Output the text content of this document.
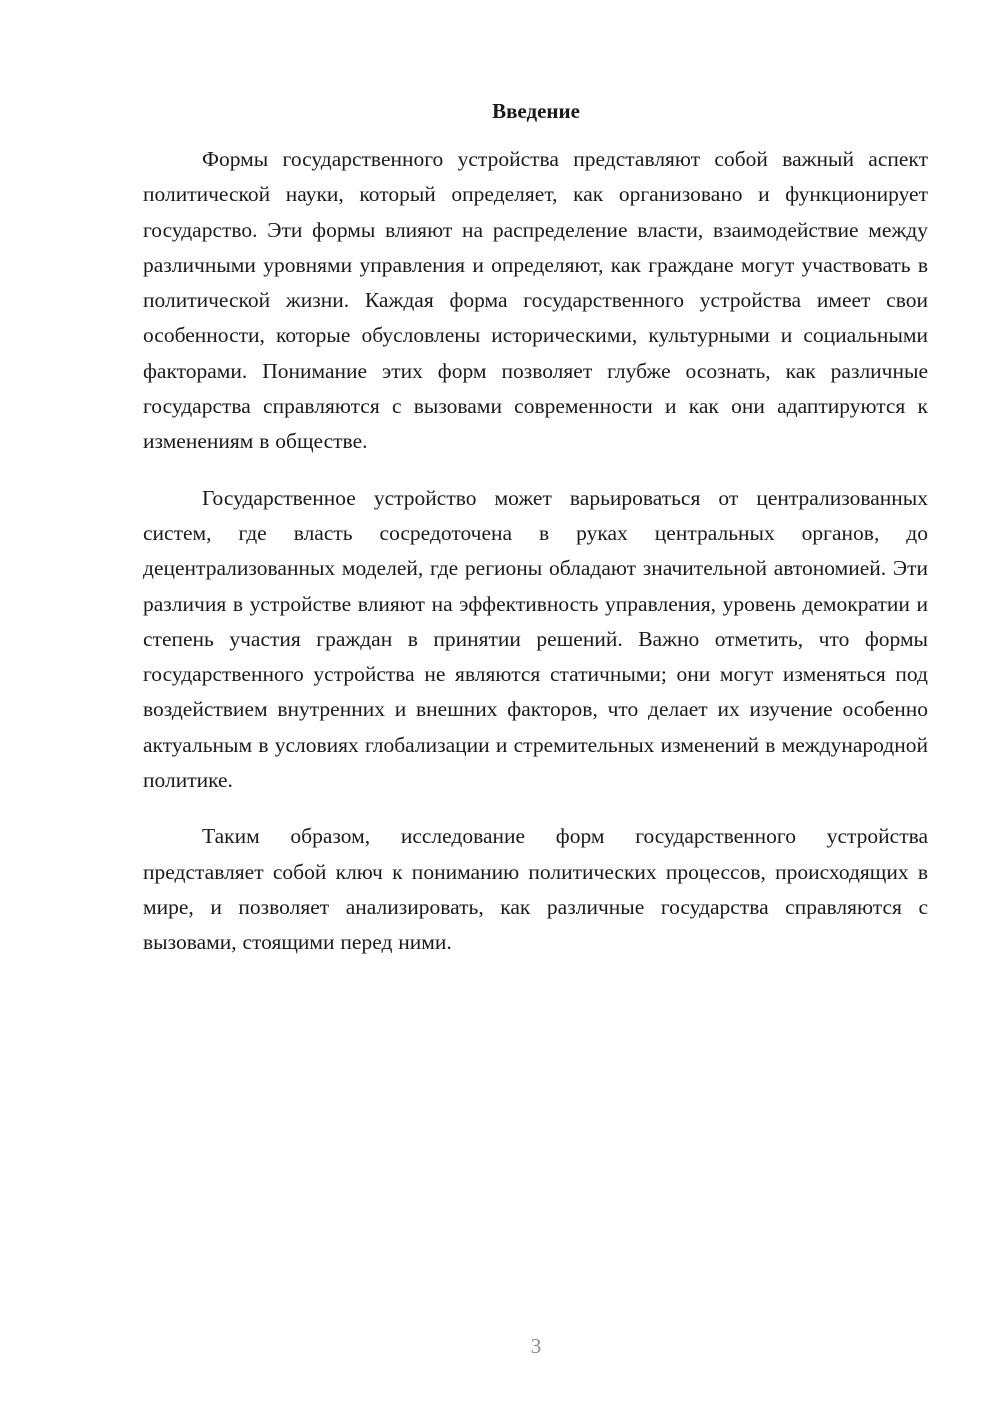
Введение

Формы государственного устройства представляют собой важный аспект политической науки, который определяет, как организовано и функционирует государство. Эти формы влияют на распределение власти, взаимодействие между различными уровнями управления и определяют, как граждане могут участвовать в политической жизни. Каждая форма государственного устройства имеет свои особенности, которые обусловлены историческими, культурными и социальными факторами. Понимание этих форм позволяет глубже осознать, как различные государства справляются с вызовами современности и как они адаптируются к изменениям в обществе.

Государственное устройство может варьироваться от централизованных систем, где власть сосредоточена в руках центральных органов, до децентрализованных моделей, где регионы обладают значительной автономией. Эти различия в устройстве влияют на эффективность управления, уровень демократии и степень участия граждан в принятии решений. Важно отметить, что формы государственного устройства не являются статичными; они могут изменяться под воздействием внутренних и внешних факторов, что делает их изучение особенно актуальным в условиях глобализации и стремительных изменений в международной политике.

Таким образом, исследование форм государственного устройства представляет собой ключ к пониманию политических процессов, происходящих в мире, и позволяет анализировать, как различные государства справляются с вызовами, стоящими перед ними.

3
